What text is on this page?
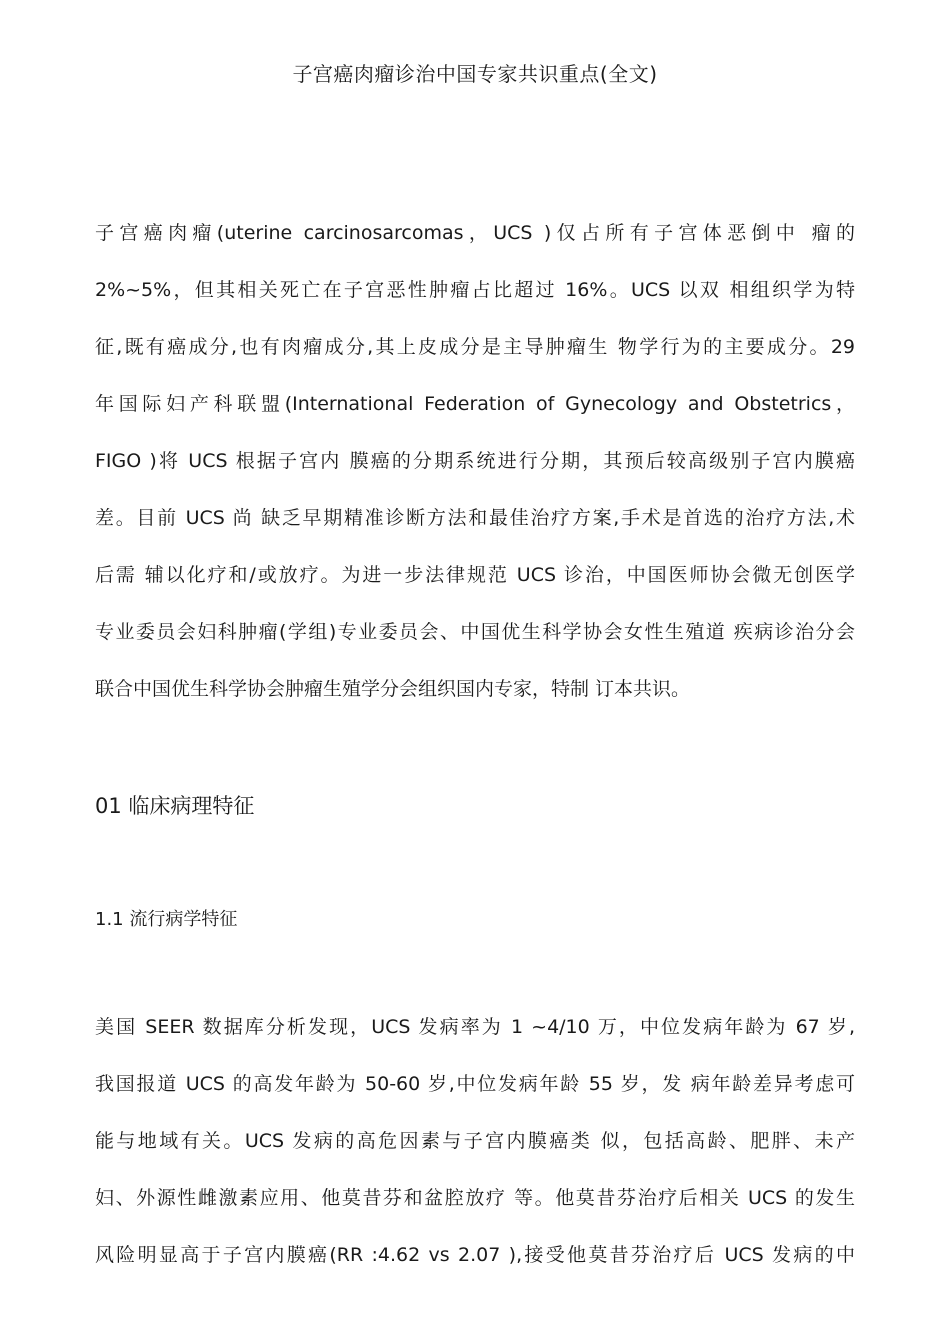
子宫癌肉瘤诊治中国专家共识重点(全文)
子宫癌肉瘤(uterine carcinosarcomas，UCS )仅占所有子宫体恶倒中 瘤的
2%~5%，但其相关死亡在子宫恶性肿瘤占比超过 16%。UCS 以双 相组织学为特
征,既有癌成分,也有肉瘤成分,其上皮成分是主导肿瘤生 物学行为的主要成分。29
年国际妇产科联盟(International Federation of Gynecology and Obstetrics，
FIGO )将 UCS 根据子宫内 膜癌的分期系统进行分期，其预后较高级别子宫内膜癌
差。目前 UCS 尚 缺乏早期精准诊断方法和最佳治疗方案,手术是首选的治疗方法,术
后需 辅以化疗和/或放疗。为进一步法律规范 UCS 诊治，中国医师协会微无创医学
专业委员会妇科肿瘤(学组)专业委员会、中国优生科学协会女性生殖道 疾病诊治分会
联合中国优生科学协会肿瘤生殖学分会组织国内专家，特制 订本共识。
01 临床病理特征
1.1 流行病学特征
美国 SEER 数据库分析发现，UCS 发病率为 1 ~4/10 万，中位发病年龄为 67 岁,
我国报道 UCS 的高发年龄为 50-60 岁,中位发病年龄 55 岁，发 病年龄差异考虑可
能与地域有关。UCS 发病的高危因素与子宫内膜癌类 似，包括高龄、肥胖、未产
妇、外源性雌激素应用、他莫昔芬和盆腔放疗 等。他莫昔芬治疗后相关 UCS 的发生
风险明显高于子宫内膜癌(RR :4.62 vs 2.07 ),接受他莫昔芬治疗后 UCS 发病的中
